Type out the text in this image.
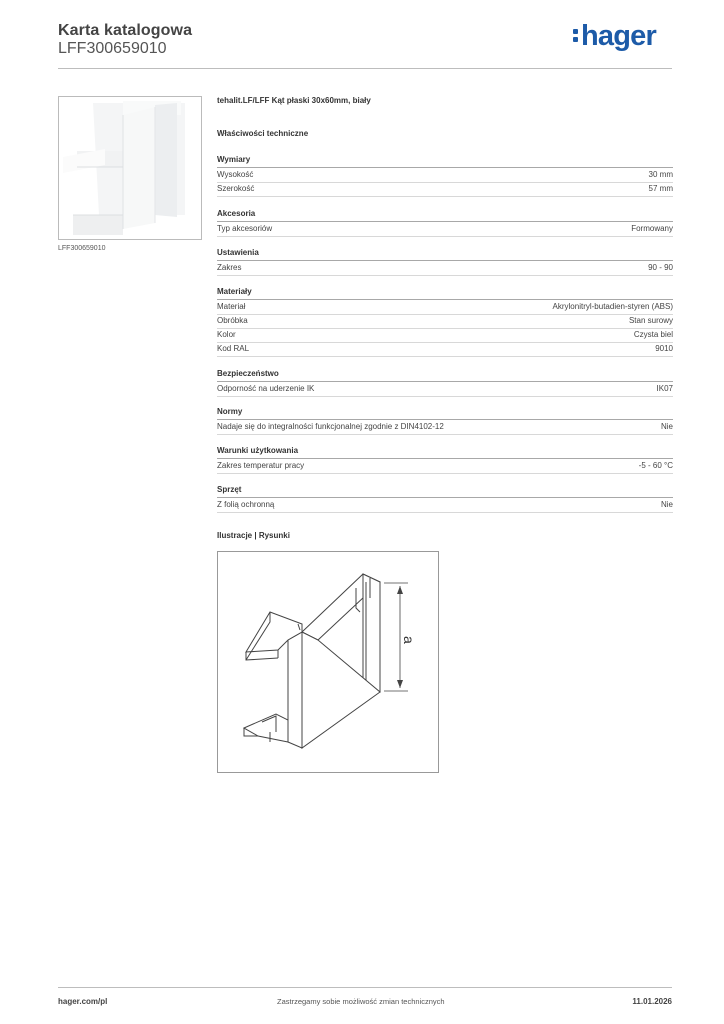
Karta katalogowa
LFF300659010	hager
LFF300659010
tehalit.LF/LFF Kąt płaski 30x60mm, biały
Właściwości techniczne
Wymiary
Wysokość	30 mm
Szerokość	57 mm
Akcesoria
Typ akcesoriów	Formowany
Ustawienia
Zakres	90 - 90
Materiały
Materiał	Akrylonitryl-butadien-styren (ABS)
Obróbka	Stan surowy
Kolor	Czysta biel
Kod RAL	9010
Bezpieczeństwo
Odporność na uderzenie IK	IK07
Normy
Nadaje się do integralności funkcjonalnej zgodnie z DIN4102-12	Nie
Warunki użytkowania
Zakres temperatur pracy	-5 - 60 °C
Sprzęt
Z folią ochronną	Nie
Ilustracje | Rysunki
a
hager.com/pl	Zastrzegamy sobie możliwość zmian technicznych	11.01.2026
